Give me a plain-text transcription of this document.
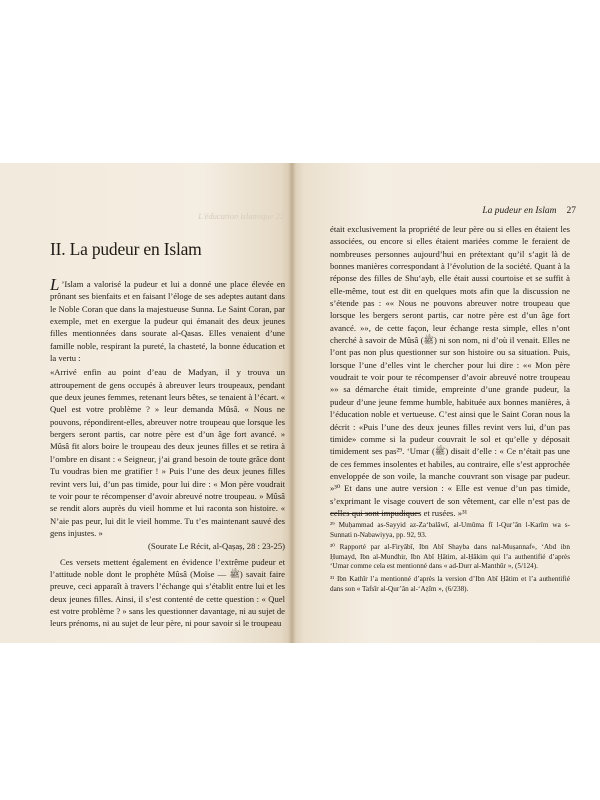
L'éducation islamique 22
II. La pudeur en Islam

L ’Islam a valorisé la pudeur et lui a donné une place élevée en prônant ses bienfaits et en faisant l’éloge de ses adeptes autant dans le Noble Coran que dans la majestueuse Sunna. Le Saint Coran, par exemple, met en exergue la pudeur qui émanait des deux jeunes filles mentionnées dans sourate al-Qasas. Elles venaient d’une famille noble, respirant la pureté, la chasteté, la bonne éducation et la vertu :

«Arrivé enfin au point d’eau de Madyan, il y trouva un attroupement de gens occupés à abreuver leurs troupeaux, pendant que deux jeunes femmes, retenant leurs bêtes, se tenaient à l’écart. « Quel est votre problème ? » leur demanda Mûsâ. « Nous ne pouvons, répondirent-elles, abreuver notre troupeau que lorsque les bergers seront partis, car notre père est d’un âge fort avancé. » Mûsâ fit alors boire le troupeau des deux jeunes filles et se retira à l’ombre en disant : « Seigneur, j’ai grand besoin de toute grâce dont Tu voudras bien me gratifier ! » Puis l’une des deux jeunes filles revint vers lui, d’un pas timide, pour lui dire : « Mon père voudrait te voir pour te récompenser d’avoir abreuvé notre troupeau. » Mûsâ se rendit alors auprès du vieil homme et lui raconta son histoire. « N’aie pas peur, lui dit le vieil homme. Tu t’es maintenant sauvé des gens injustes. »

(Sourate Le Récit, al-Qaṣaṣ, 28 : 23-25)

Ces versets mettent également en évidence l’extrême pudeur et l’attitude noble dont le prophète Mûsâ (Moïse — ﷺ) savait faire preuve, ceci apparaît à travers l’échange qui s’établit entre lui et les deux jeunes filles. Ainsi, il s’est contenté de cette question : « Quel est votre problème ? » sans les questionner davantage, ni au sujet de leurs prénoms, ni au sujet de leur père, ni pour savoir si le troupeau

La pudeur en Islam 27

était exclusivement la propriété de leur père ou si elles en étaient les associées, ou encore si elles étaient mariées comme le feraient de nombreuses personnes aujourd’hui en prétextant qu’il s’agit là de bonnes manières correspondant à l’évolution de la société. Quant à la réponse des filles de Shu‘ayb, elle était aussi courtoise et se suffit à elle-même, tout est dit en quelques mots afin que la discussion ne s’étende pas : «« Nous ne pouvons abreuver notre troupeau que lorsque les bergers seront partis, car notre père est d’un âge fort avancé. »», de cette façon, leur échange resta simple, elles n’ont cherché à savoir de Mûsâ (ﷺ) ni son nom, ni d’où il venait. Elles ne l’ont pas non plus questionner sur son histoire ou sa situation. Puis, lorsque l’une d’elles vint le chercher pour lui dire : «« Mon père voudrait te voir pour te récompenser d’avoir abreuvé notre troupeau »» sa démarche était timide, empreinte d’une grande pudeur, la pudeur d’une jeune femme humble, habituée aux bonnes manières, à l’éducation noble et vertueuse. C’est ainsi que le Saint Coran nous la décrit : «Puis l’une des deux jeunes filles revint vers lui, d’un pas timide» comme si la pudeur couvrait le sol et qu’elle y déposait timidement ses pas²⁹. ‘Umar (ﷺ) disait d’elle : « Ce n’était pas une de ces femmes insolentes et habiles, au contraire, elle s’est approchée enveloppée de son voile, la manche couvrant son visage par pudeur. »³⁰ Et dans une autre version : « Elle est venue d’un pas timide, s’exprimant le visage couvert de son vêtement, car elle n’est pas de celles qui sont impudiques et rusées. »³¹

²⁹ Muḥammad as-Sayyid az-Za‘balâwî, al-Umûma fî l-Qur’ân l-Karîm wa s-Sunnati n-Nabawiyya, pp. 92, 93.

³⁰ Rapporté par al-Firyâbî, Ibn Abî Shayba dans nal-Muṣannaf», ‘Abd ibn Ḥumayd, Ibn al-Mundhir, Ibn Abî Ḥâtim, al-Ḥâkim qui l’a authentifié d’après ‘Umar comme cela est mentionné dans « ad-Durr al-Manthûr », (5/124).

³¹ Ibn Kathîr l’a mentionné d’après la version d’Ibn Abî Ḥâtim et l’a authentifié dans son « Tafsîr al-Qur’ân al-‘Aẓîm », (6/238).
